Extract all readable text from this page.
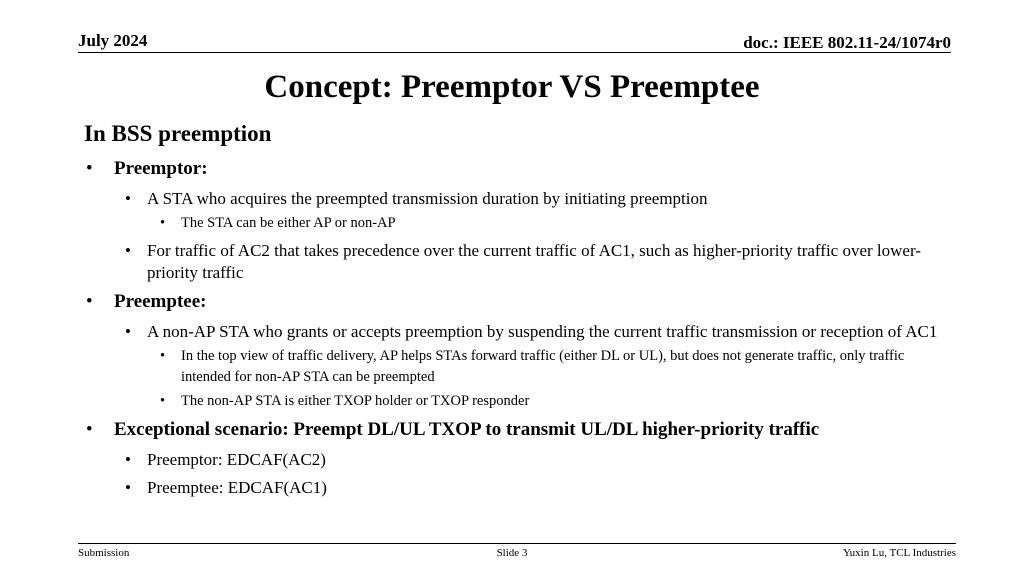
July 2024	doc.: IEEE 802.11-24/1074r0
Concept: Preemptor VS Preemptee
In BSS preemption
• Preemptor:
• A STA who acquires the preempted transmission duration by initiating preemption
• The STA can be either AP or non-AP
• For traffic of AC2 that takes precedence over the current traffic of AC1, such as higher-priority traffic over lower-priority traffic
• Preemptee:
• A non-AP STA who grants or accepts preemption by suspending the current traffic transmission or reception of AC1
• In the top view of traffic delivery, AP helps STAs forward traffic (either DL or UL), but does not generate traffic, only traffic intended for non-AP STA can be preempted
• The non-AP STA is either TXOP holder or TXOP responder
• Exceptional scenario: Preempt DL/UL TXOP to transmit UL/DL higher-priority traffic
• Preemptor: EDCAF(AC2)
• Preemptee: EDCAF(AC1)
Submission	Slide 3	Yuxin Lu, TCL Industries
